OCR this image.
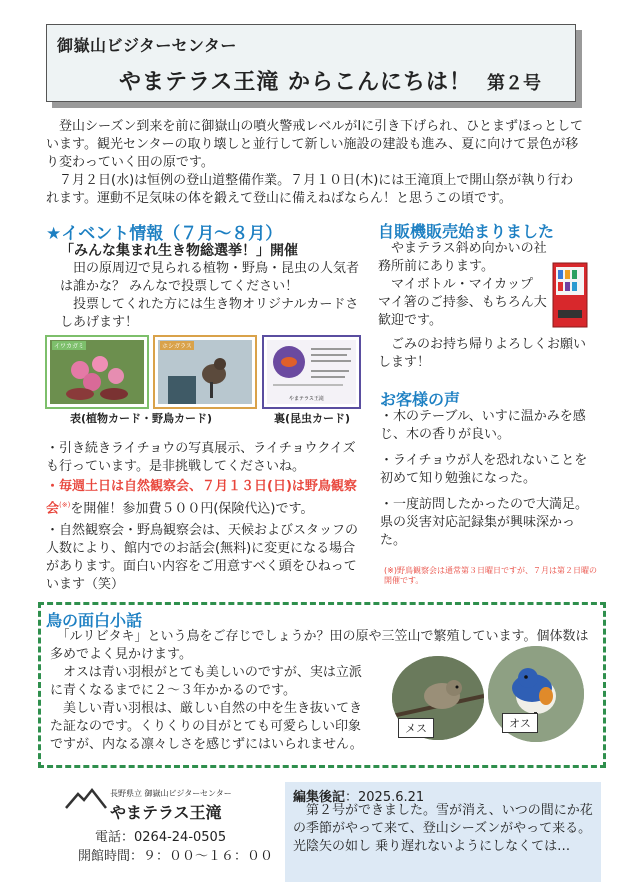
御嶽山ビジターセンター
やまテラス王滝 からこんにちは！ 第２号
　登山シーズン到来を前に御嶽山の噴火警戒レベルがⅠに引き下げられ、ひとまずほっとしています。観光センターの取り壊しと並行して新しい施設の建設も進み、夏に向けて景色が移り変わっていく田の原です。
　７月２日(水)は恒例の登山道整備作業。７月１０日(木)には王滝頂上で開山祭が執り行われます。運動不足気味の体を鍛えて登山に備えねばならん！と思うこの頃です。
★イベント情報（７月～８月）
「みんな集まれ生き物総選挙！」開催
　田の原周辺で見られる植物・野鳥・昆虫の人気者は誰かな？ みんなで投票してください！
　投票してくれた方には生き物オリジナルカードさしあげます！
イワカガミ	ホシガラス
やまテラス王滝
表(植物カード・野鳥カード)	裏(昆虫カード)
・引き続きライチョウの写真展示、ライチョウクイズも行っています。是非挑戦してくださいね。
・毎週土日は自然観察会、７月１３日(日)は野鳥観察会(※)を開催！参加費５００円(保険代込)です。
・自然観察会・野鳥観察会は、天候およびスタッフの人数により、館内でのお話会(無料)に変更になる場合があります。面白い内容をご用意すべく頭をひねっています（笑）
自販機販売始まりました
　やまテラス斜め向かいの社務所前にあります。
　マイボトル・マイカップ マイ箸のご持参、もちろん大歓迎です。
　ごみのお持ち帰りよろしくお願いします！
お客様の声
・木のテーブル、いすに温かみを感じ、木の香りが良い。
・ライチョウが人を恐れないことを初めて知り勉強になった。
・一度訪問したかったので大満足。県の災害対応記録集が興味深かった。
(※)野鳥観察会は通常第３日曜日ですが、７月は第２日曜の開催です。
鳥の面白小話
　「ルリビタキ」という鳥をご存じでしょうか？田の原や三笠山で繁殖しています。個体数は多めでよく見かけます。
　オスは青い羽根がとても美しいのですが、実は立派に青くなるまでに２～３年かかるのです。
　美しい青い羽根は、厳しい自然の中を生き抜いてきた証なのです。くりくりの目がとても可愛らしい印象ですが、内なる凛々しさを感じずにはいられません。
メス	オス
長野県立 御嶽山ビジターセンター
やまテラス王滝
電話：0264-24-0505
開館時間：９：００～１６：００
編集後記：2025.6.21
　第２号ができました。雪が消え、いつの間にか花の季節がやって来て、登山シーズンがやって来る。光陰矢の如し 乗り遅れないようにしなくては…
